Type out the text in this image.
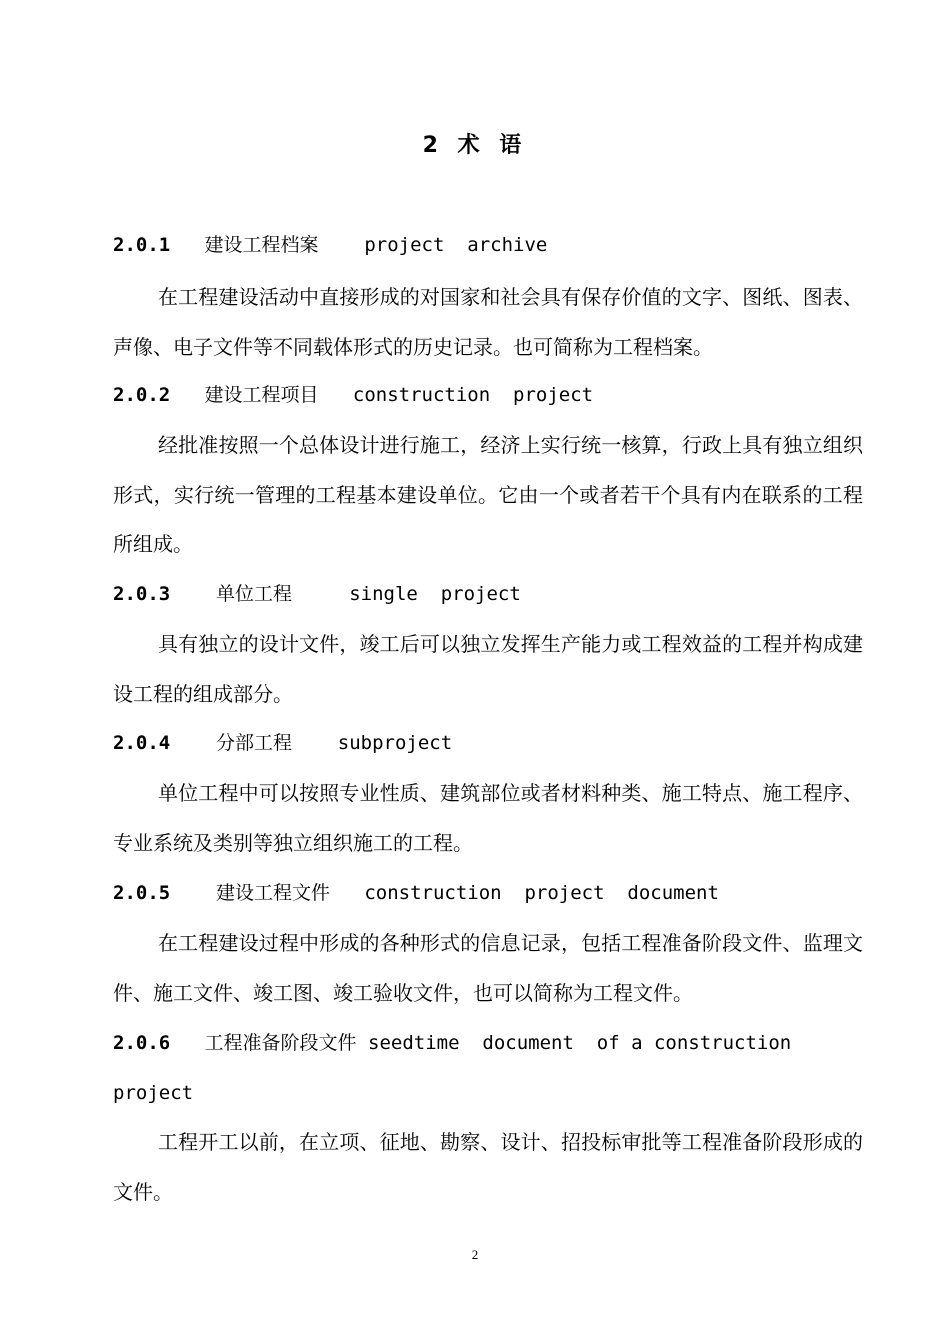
2 术 语
2.0.1 建设工程档案 project  archive
在工程建设活动中直接形成的对国家和社会具有保存价值的文字、图纸、图表、声像、电子文件等不同载体形式的历史记录。也可简称为工程档案。
2.0.2 建设工程项目 construction  project
经批准按照一个总体设计进行施工，经济上实行统一核算，行政上具有独立组织形式，实行统一管理的工程基本建设单位。它由一个或者若干个具有内在联系的工程所组成。
2.0.3 单位工程	single  project
具有独立的设计文件，竣工后可以独立发挥生产能力或工程效益的工程并构成建设工程的组成部分。
2.0.4 分部工程 subproject
单位工程中可以按照专业性质、建筑部位或者材料种类、施工特点、施工程序、专业系统及类别等独立组织施工的工程。
2.0.5 建设工程文件 construction  project  document
在工程建设过程中形成的各种形式的信息记录，包括工程准备阶段文件、监理文件、施工文件、竣工图、竣工验收文件，也可以简称为工程文件。
2.0.6 工程准备阶段文件 seedtime  document  of a construction
project
工程开工以前，在立项、征地、勘察、设计、招投标审批等工程准备阶段形成的文件。
2
